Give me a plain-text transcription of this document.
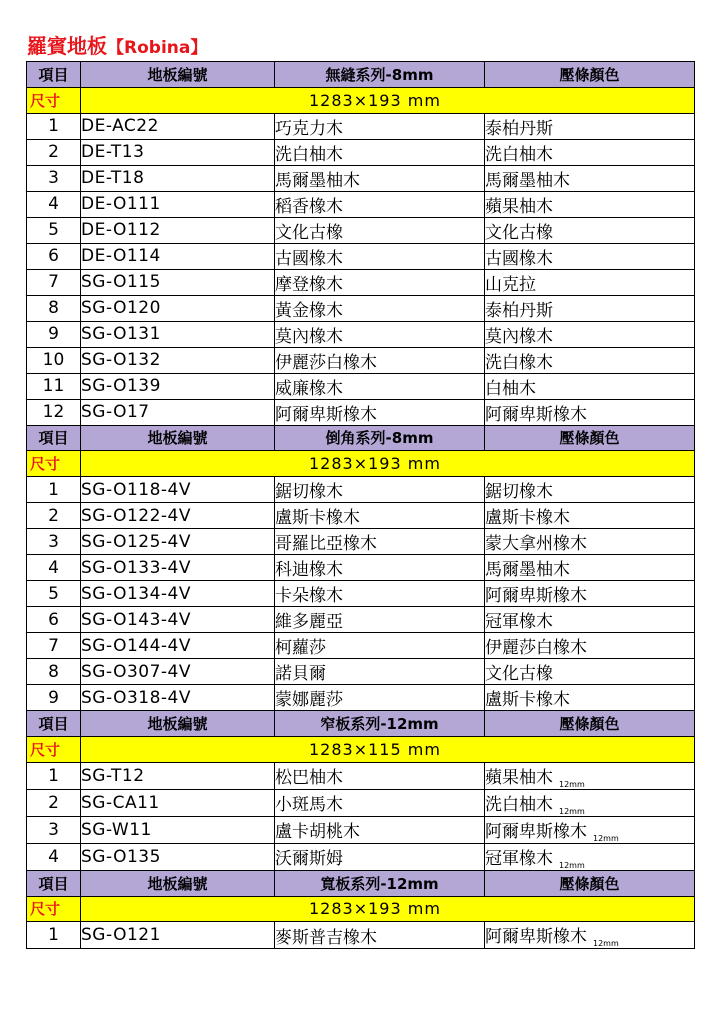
羅賓地板【Robina】
項目	地板編號	無縫系列-8mm	壓條顏色
尺寸	1283×193 mm		
1	DE-AC22	巧克力木	泰柏丹斯
2	DE-T13	洗白柚木	洗白柚木
3	DE-T18	馬爾墨柚木	馬爾墨柚木
4	DE-O111	稻香橡木	蘋果柚木
5	DE-O112	文化古橡	文化古橡
6	DE-O114	古國橡木	古國橡木
7	SG-O115	摩登橡木	山克拉
8	SG-O120	黃金橡木	泰柏丹斯
9	SG-O131	莫內橡木	莫內橡木
10	SG-O132	伊麗莎白橡木	洗白橡木
11	SG-O139	威廉橡木	白柚木
12	SG-O17	阿爾卑斯橡木	阿爾卑斯橡木
項目	地板編號	倒角系列-8mm	壓條顏色
尺寸	1283×193 mm		
1	SG-O118-4V	鋸切橡木	鋸切橡木
2	SG-O122-4V	盧斯卡橡木	盧斯卡橡木
3	SG-O125-4V	哥羅比亞橡木	蒙大拿州橡木
4	SG-O133-4V	科迪橡木	馬爾墨柚木
5	SG-O134-4V	卡朵橡木	阿爾卑斯橡木
6	SG-O143-4V	維多麗亞	冠軍橡木
7	SG-O144-4V	柯蘿莎	伊麗莎白橡木
8	SG-O307-4V	諾貝爾	文化古橡
9	SG-O318-4V	蒙娜麗莎	盧斯卡橡木
項目	地板編號	窄板系列-12mm	壓條顏色
尺寸	1283×115 mm		
1	SG-T12	松巴柚木	蘋果柚木 $_{12mm}$
2	SG-CA11	小斑馬木	洗白柚木 $_{12mm}$
3	SG-W11	盧卡胡桃木	阿爾卑斯橡木 $_{12mm}$
4	SG-O135	沃爾斯姆	冠軍橡木 $_{12mm}$
項目	地板編號	寬板系列-12mm	壓條顏色
尺寸	1283×193 mm		
1	SG-O121	麥斯普吉橡木	阿爾卑斯橡木 $_{12mm}$
